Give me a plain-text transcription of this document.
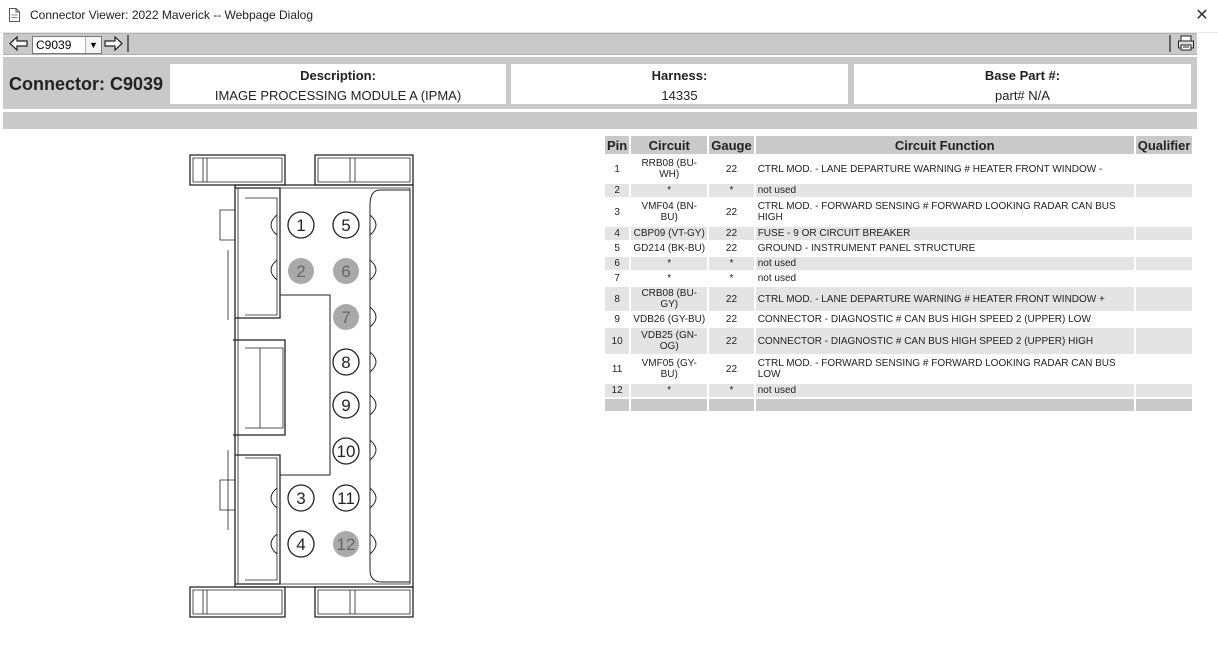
Connector Viewer: 2022 Maverick -- Webpage Dialog	✕
C9039	▼
Connector: C9039	Description:
IMAGE PROCESSING MODULE A (IPMA)
Harness:
14335
Base Part #:
part# N/A
1
2
3
4
5
6
7
8
9
10
11
12
Pin	Circuit	Gauge	Circuit Function	Qualifier
1	RRB08 (BU-WH)	22	CTRL MOD. - LANE DEPARTURE WARNING # HEATER FRONT WINDOW -	
2	*	*	not used	
3	VMF04 (BN-BU)	22	CTRL MOD. - FORWARD SENSING # FORWARD LOOKING RADAR CAN BUS HIGH	
4	CBP09 (VT-GY)	22	FUSE - 9 OR CIRCUIT BREAKER	
5	GD214 (BK-BU)	22	GROUND - INSTRUMENT PANEL STRUCTURE	
6	*	*	not used	
7	*	*	not used	
8	CRB08 (BU-GY)	22	CTRL MOD. - LANE DEPARTURE WARNING # HEATER FRONT WINDOW +	
9	VDB26 (GY-BU)	22	CONNECTOR - DIAGNOSTIC # CAN BUS HIGH SPEED 2 (UPPER) LOW	
10	VDB25 (GN-OG)	22	CONNECTOR - DIAGNOSTIC # CAN BUS HIGH SPEED 2 (UPPER) HIGH	
11	VMF05 (GY-BU)	22	CTRL MOD. - FORWARD SENSING # FORWARD LOOKING RADAR CAN BUS LOW	
12	*	*	not used	
